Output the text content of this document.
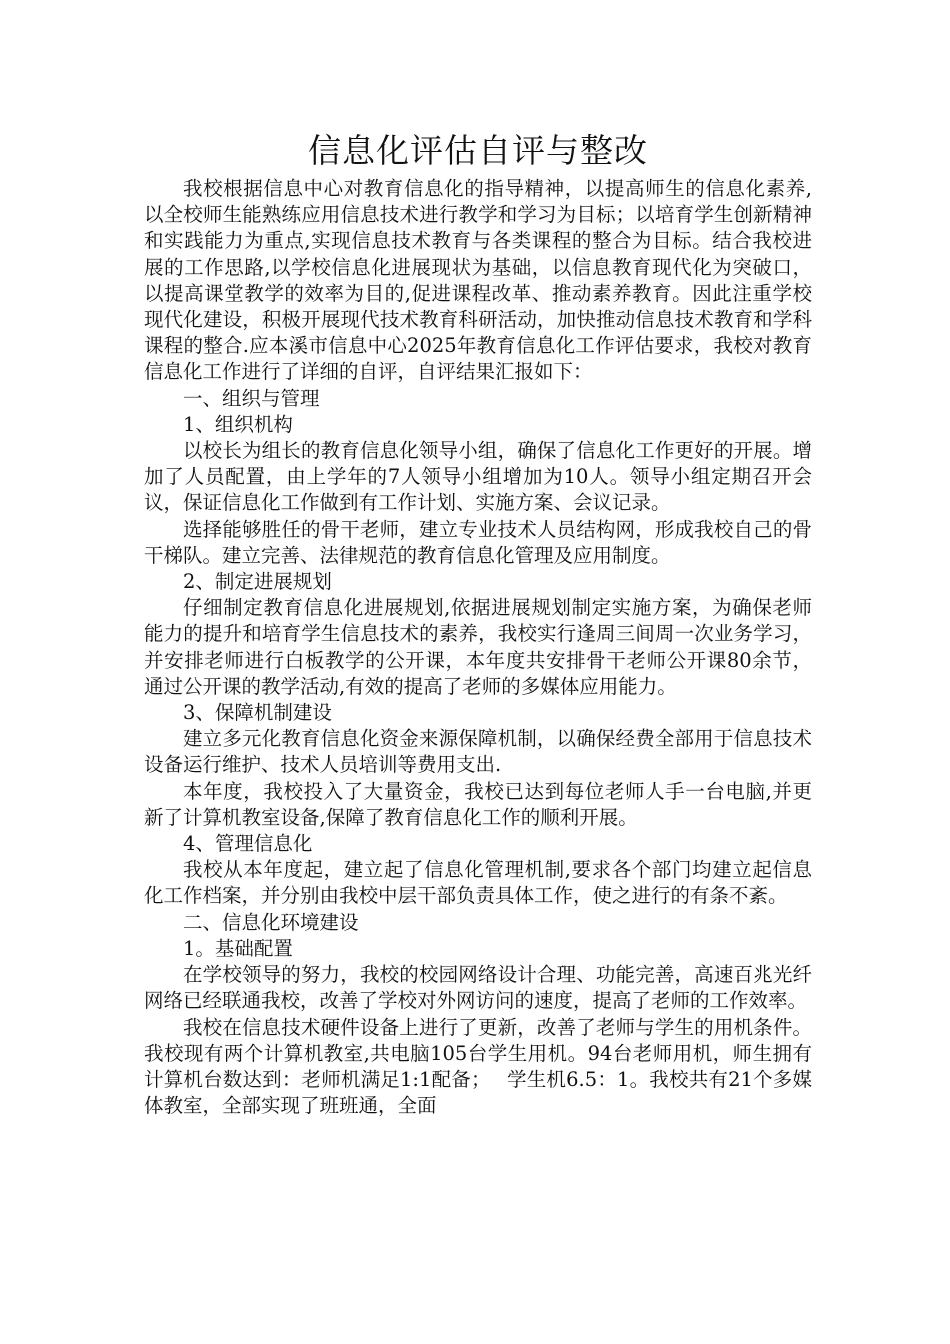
信息化评估自评与整改
我校根据信息中心对教育信息化的指导精神，以提高师生的信息化素养,以全校师生能熟练应用信息技术进行教学和学习为目标；以培育学生创新精神和实践能力为重点,实现信息技术教育与各类课程的整合为目标。结合我校进展的工作思路,以学校信息化进展现状为基础，以信息教育现代化为突破口，以提高课堂教学的效率为目的,促进课程改革、推动素养教育。因此注重学校现代化建设，积极开展现代技术教育科研活动，加快推动信息技术教育和学科课程的整合.应本溪市信息中心2025年教育信息化工作评估要求，我校对教育信息化工作进行了详细的自评，自评结果汇报如下：
一、组织与管理
1、组织机构
以校长为组长的教育信息化领导小组，确保了信息化工作更好的开展。增加了人员配置，由上学年的7人领导小组增加为10人。领导小组定期召开会议，保证信息化工作做到有工作计划、实施方案、会议记录。
选择能够胜任的骨干老师，建立专业技术人员结构网，形成我校自己的骨干梯队。建立完善、法律规范的教育信息化管理及应用制度。
2、制定进展规划
仔细制定教育信息化进展规划,依据进展规划制定实施方案，为确保老师能力的提升和培育学生信息技术的素养，我校实行逢周三间周一次业务学习，并安排老师进行白板教学的公开课，本年度共安排骨干老师公开课80余节，通过公开课的教学活动,有效的提高了老师的多媒体应用能力。
3、保障机制建设
建立多元化教育信息化资金来源保障机制，以确保经费全部用于信息技术设备运行维护、技术人员培训等费用支出.
本年度，我校投入了大量资金，我校已达到每位老师人手一台电脑,并更新了计算机教室设备,保障了教育信息化工作的顺利开展。
4、管理信息化
我校从本年度起，建立起了信息化管理机制,要求各个部门均建立起信息化工作档案，并分别由我校中层干部负责具体工作，使之进行的有条不紊。
二、信息化环境建设
1。基础配置
在学校领导的努力，我校的校园网络设计合理、功能完善，高速百兆光纤网络已经联通我校，改善了学校对外网访问的速度，提高了老师的工作效率。
我校在信息技术硬件设备上进行了更新，改善了老师与学生的用机条件。我校现有两个计算机教室,共电脑105台学生用机。94台老师用机，师生拥有计算机台数达到：老师机满足1:1配备；　 学生机6.5：1。我校共有21个多媒体教室，全部实现了班班通，全面
